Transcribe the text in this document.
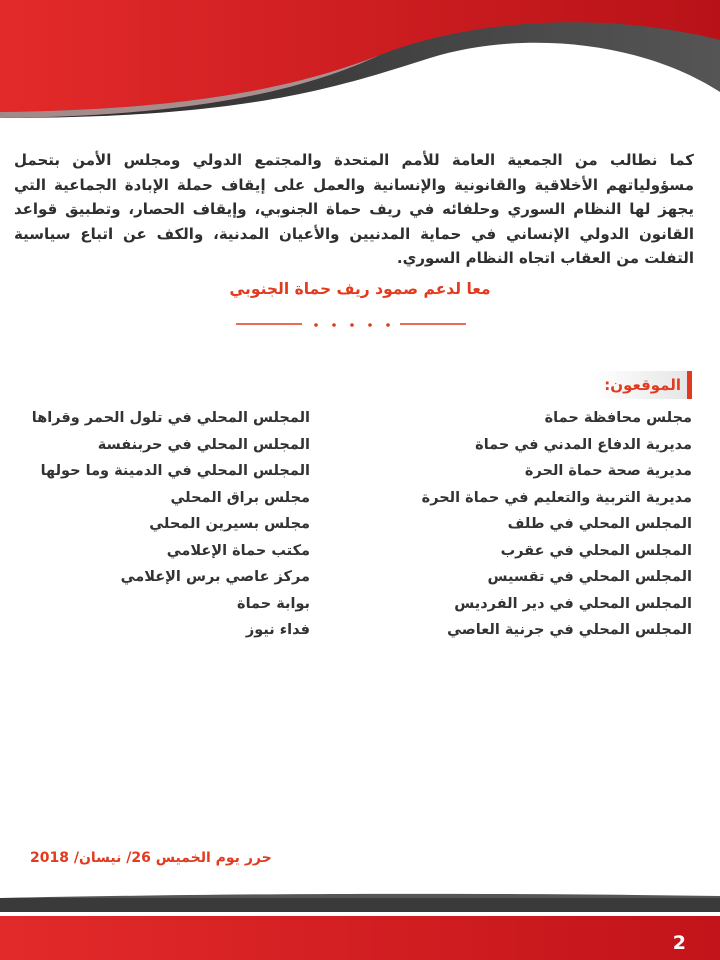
كما نطالب من الجمعية العامة للأمم المتحدة والمجتمع الدولي ومجلس الأمن بتحمل مسؤولياتهم الأخلاقية والقانونية والإنسانية والعمل على إيقاف حملة الإبادة الجماعية التي يجهز لها النظام السوري وحلفائه في ريف حماة الجنوبي، وإيقاف الحصار، وتطبيق قواعد القانون الدولي الإنساني في حماية المدنيين والأعيان المدنية، والكف عن اتباع سياسية التفلت من العقاب اتجاه النظام السوري.

معا لدعم صمود ريف حماة الجنوبي
الموقعون:
مجلس محافظة حماة
مديرية الدفاع المدني في حماة
مديرية صحة حماة الحرة
مديرية التربية والتعليم في حماة الحرة
المجلس المحلي في طلف
المجلس المحلي في عقرب
المجلس المحلي في تقسيس
المجلس المحلي في دير الفرديس
المجلس المحلي في جرنية العاصي
المجلس المحلي في تلول الحمر وقراها
المجلس المحلي في حربنفسة
المجلس المحلي في الدمينة وما حولها
مجلس براق المحلي
مجلس بسيرين المحلي
مكتب حماة الإعلامي
مركز عاصي برس الإعلامي
بوابة حماة
فداء نيوز
حرر يوم الخميس 26/ نيسان/ 2018
2
